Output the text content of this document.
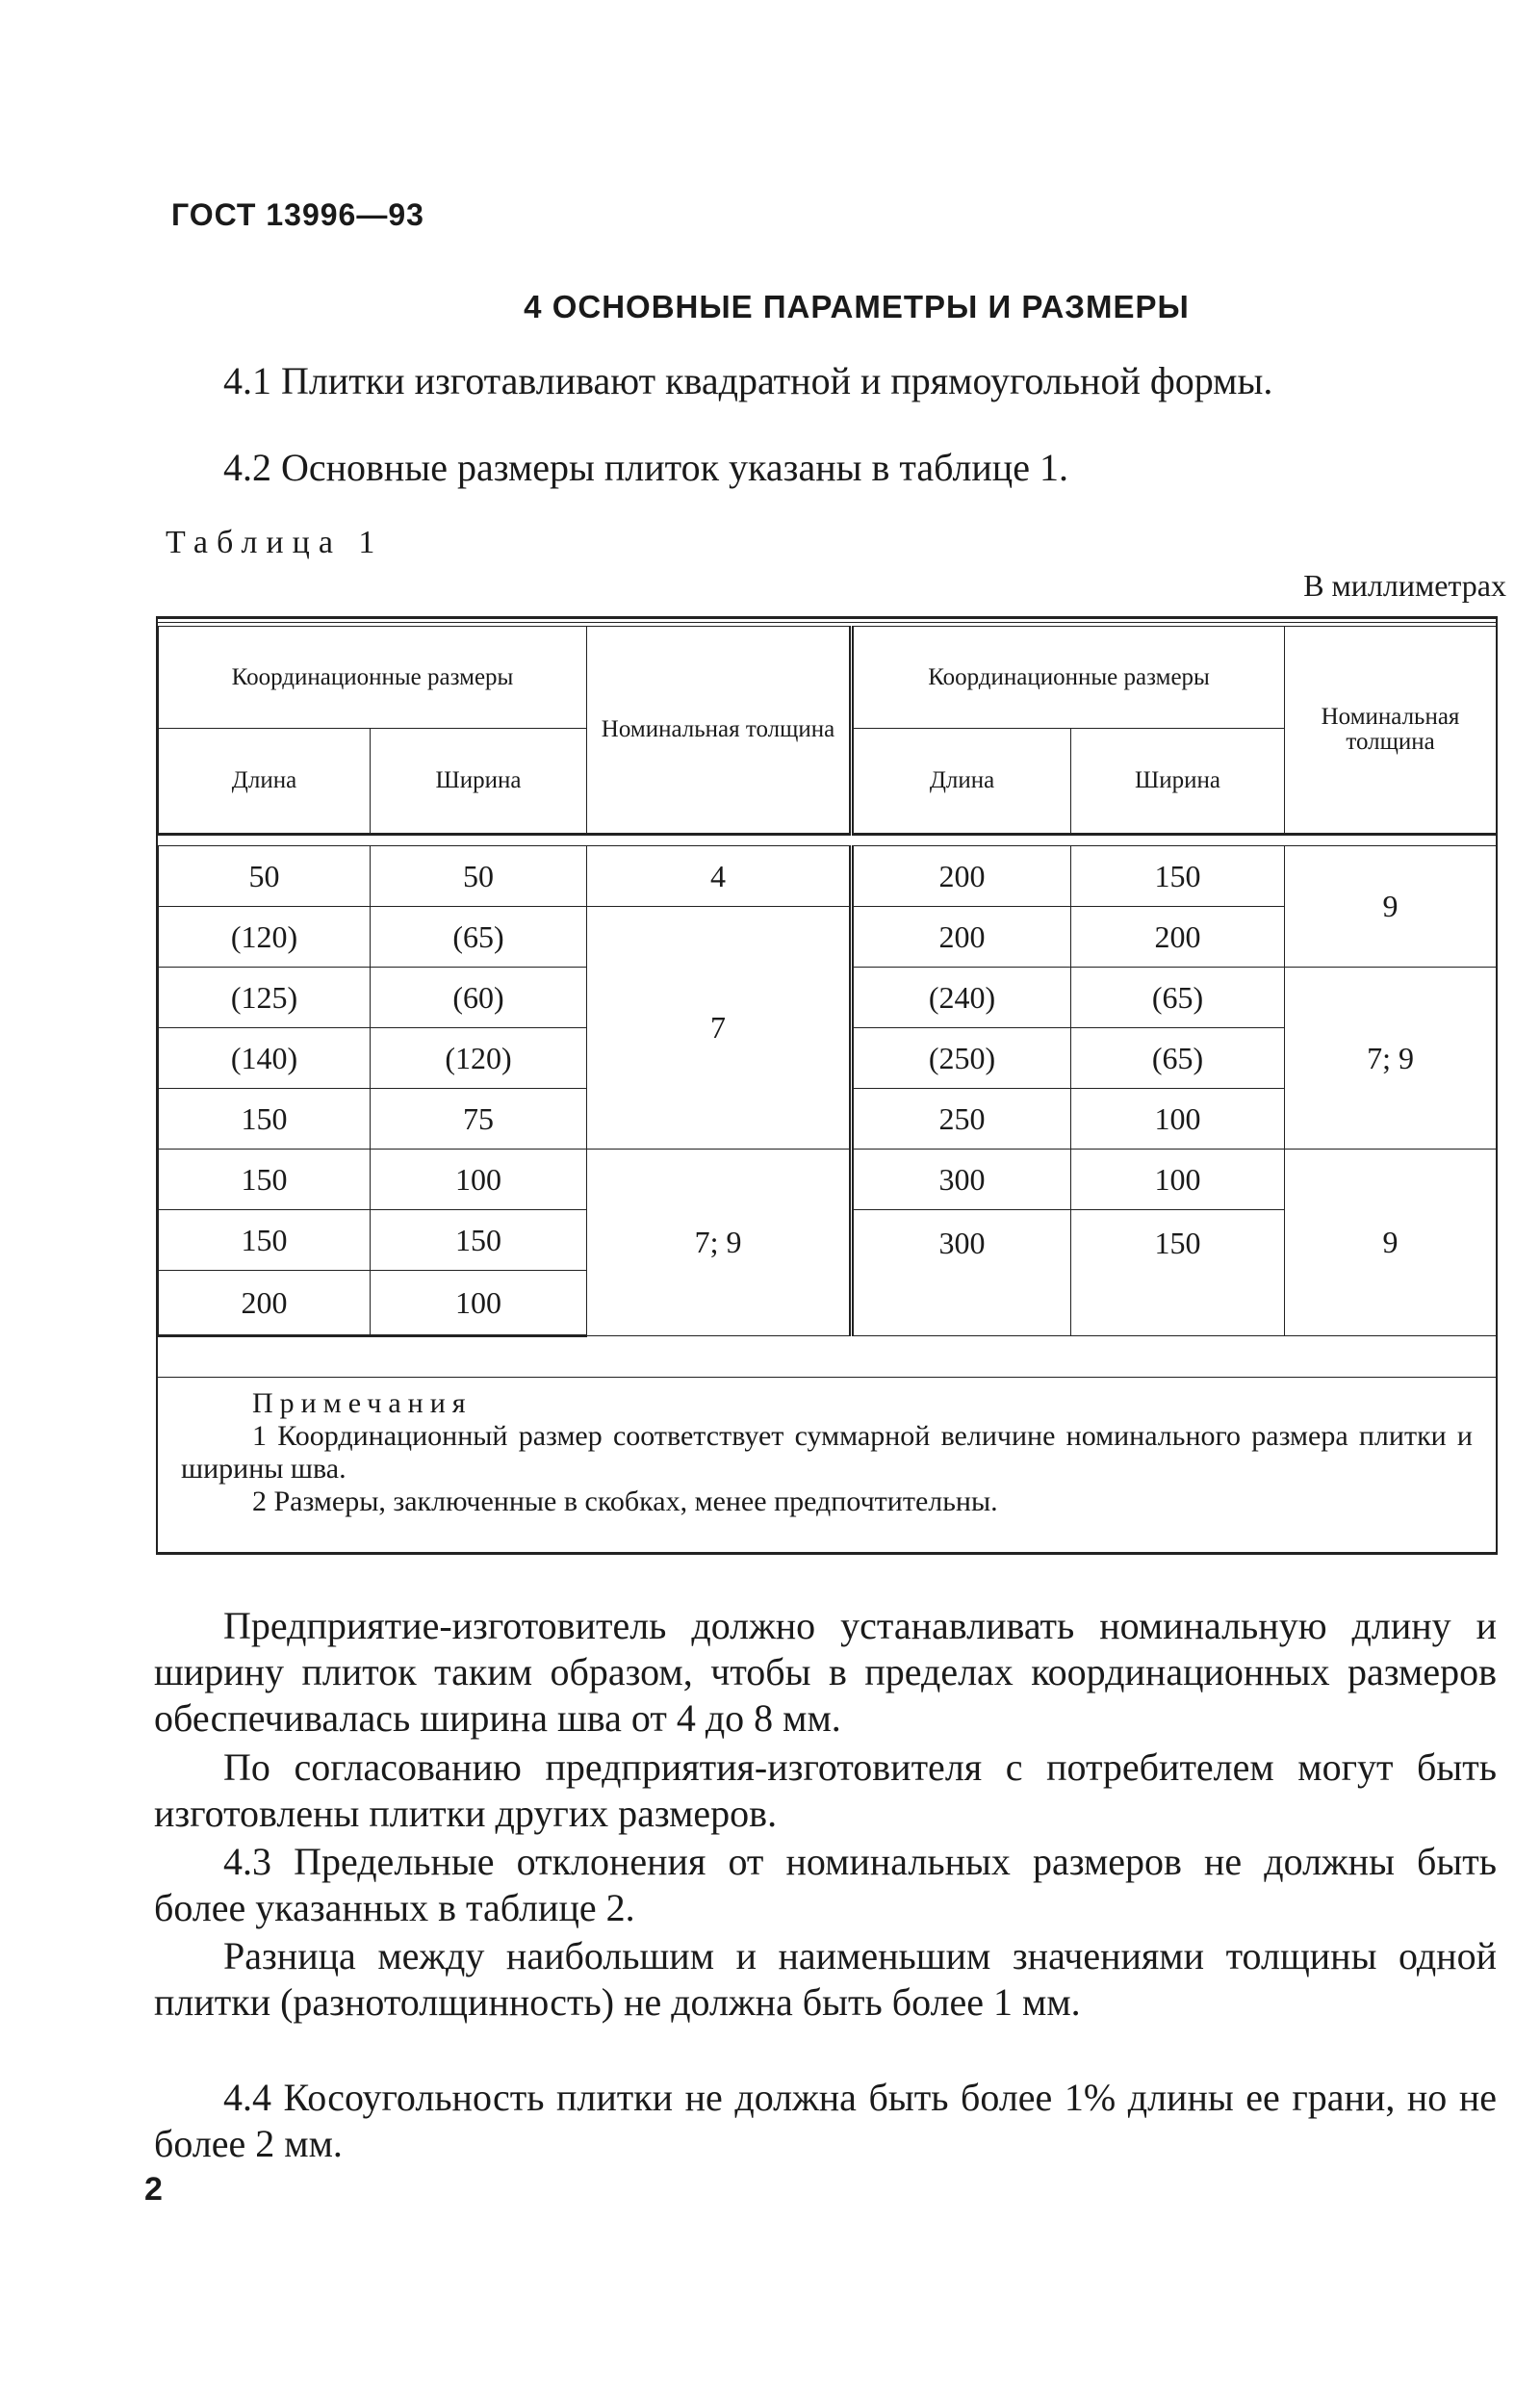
ГОСТ 13996—93
4 ОСНОВНЫЕ ПАРАМЕТРЫ И РАЗМЕРЫ
4.1 Плитки изготавливают квадратной и прямоугольной формы.
4.2 Основные размеры плиток указаны в таблице 1.
Таблица 1
В миллиметрах
Координационные размеры		Номинальная толщина	Координационные размеры		Номинальная толщина
Длина	Ширина		Длина	Ширина	

50	50	4	200	150	9
(120)	(65)	7	200	200	
(125)	(60)		(240)	(65)	7; 9
(140)	(120)		(250)	(65)	
150	75		250	100	
150	100	7; 9	300	100	9
150	150		300	150	
200	100				
Примечания
1 Координационный размер соответствует суммарной величине номинального размера плитки и ширины шва.
2 Размеры, заключенные в скобках, менее предпочтительны.
Предприятие-изготовитель должно устанавливать номинальную длину и ширину плиток таким образом, чтобы в пределах координационных размеров обеспечивалась ширина шва от 4 до 8 мм.
По согласованию предприятия-изготовителя с потребителем могут быть изготовлены плитки других размеров.
4.3 Предельные отклонения от номинальных размеров не должны быть более указанных в таблице 2.
Разница между наибольшим и наименьшим значениями толщины одной плитки (разнотолщинность) не должна быть более 1 мм.
4.4 Косоугольность плитки не должна быть более 1% длины ее грани, но не более 2 мм.
2
